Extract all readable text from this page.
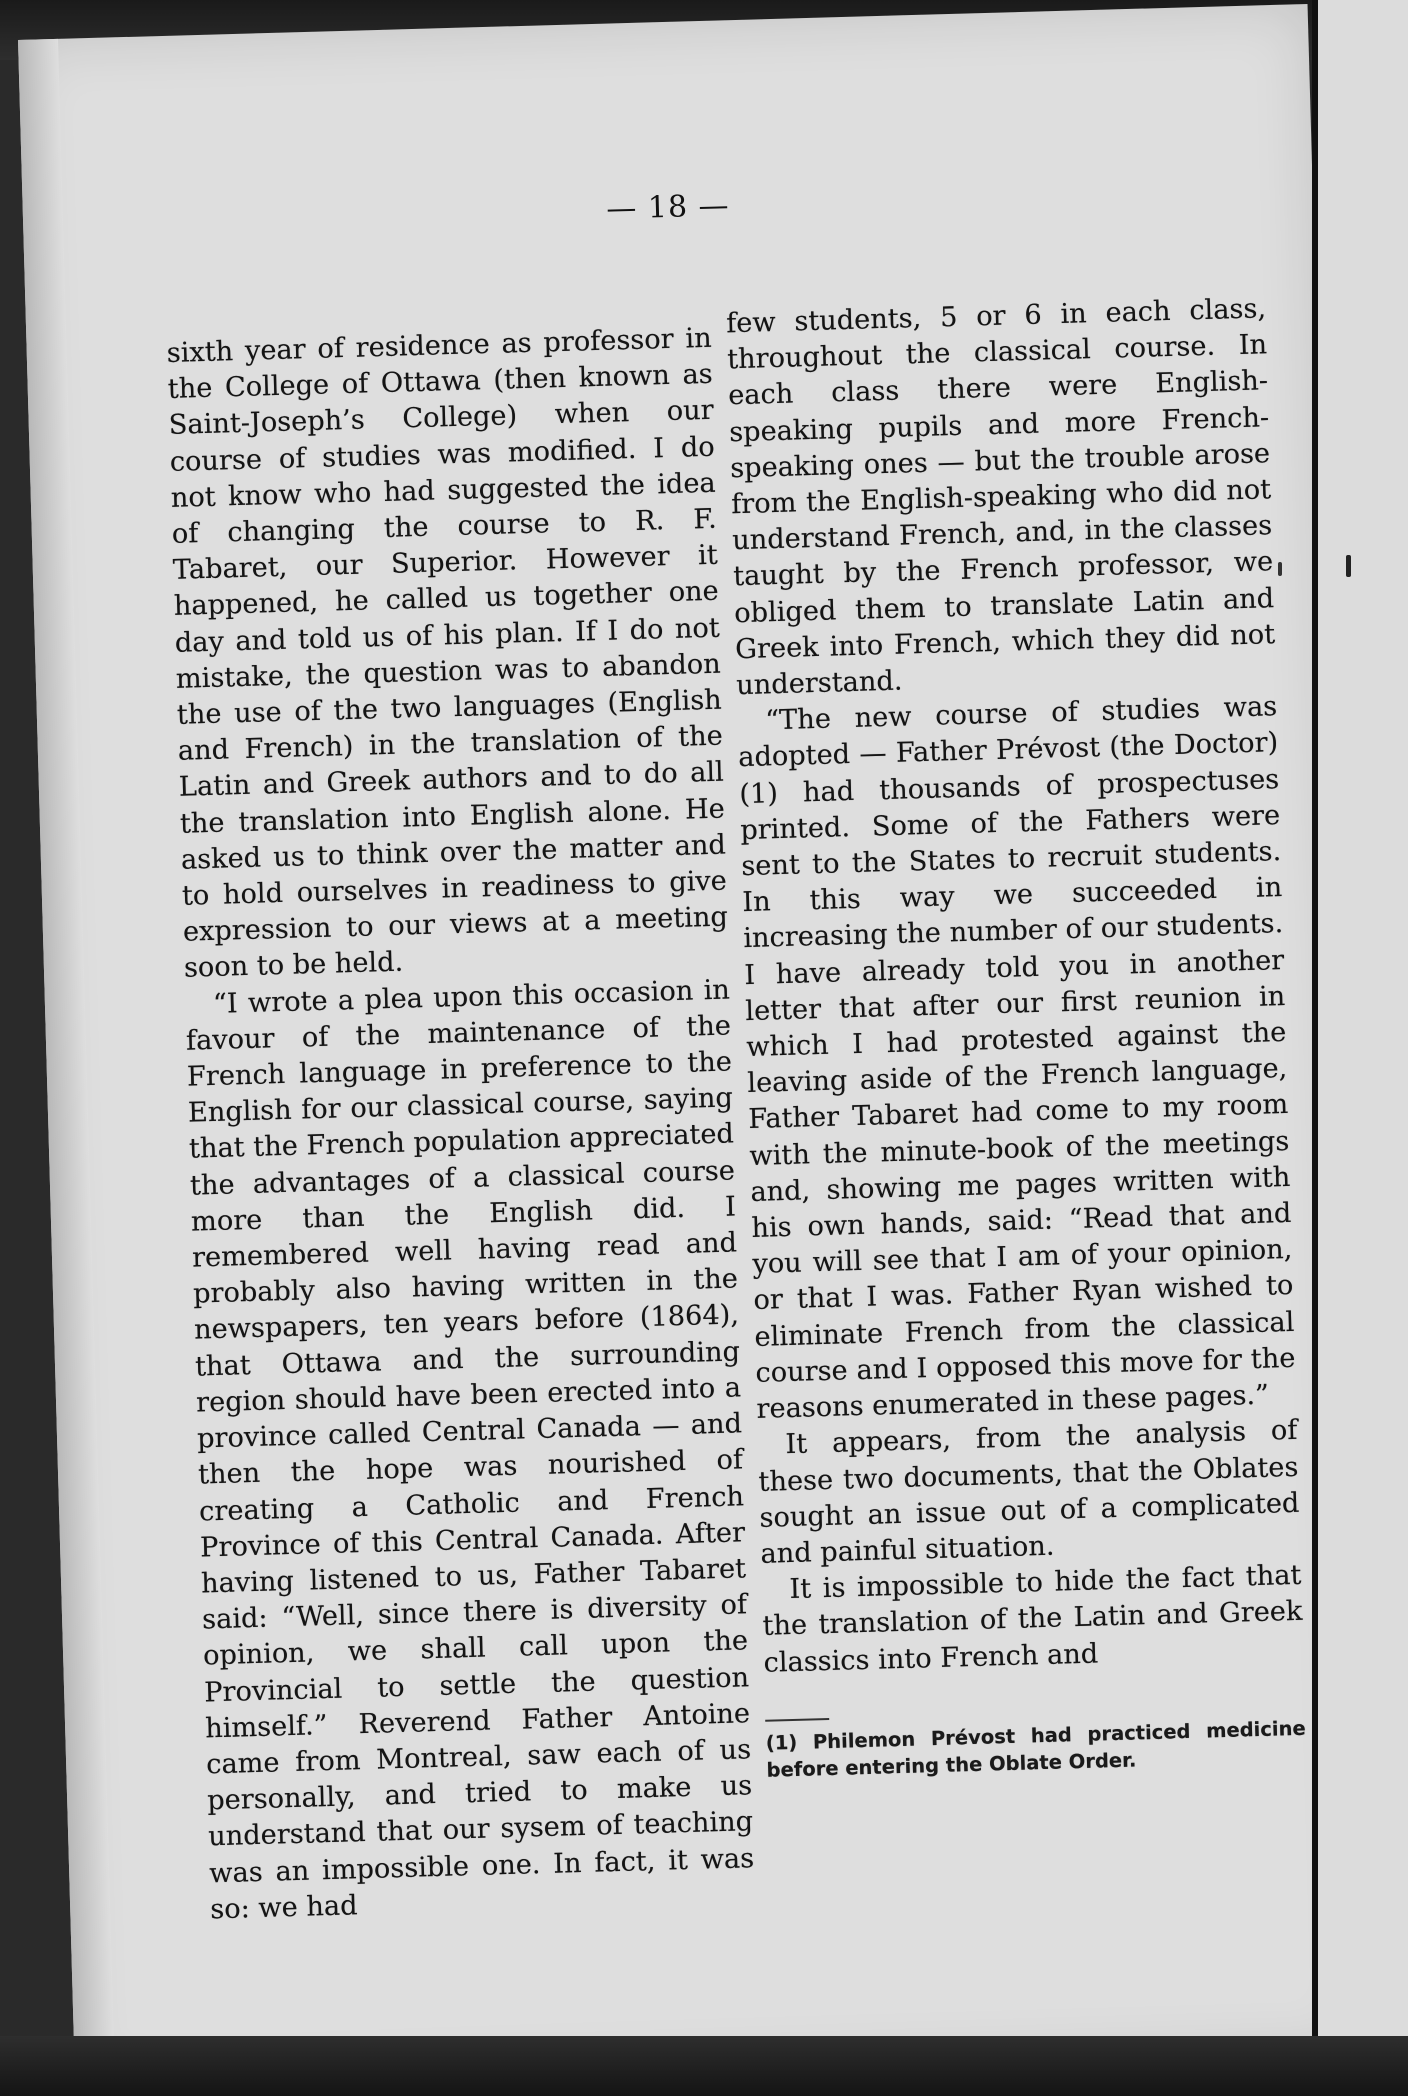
— 18 —

sixth year of residence as professor in the College of Ottawa (then known as Saint-Joseph’s College) when our course of studies was modified. I do not know who had suggested the idea of changing the course to R. F. Tabaret, our Superior. However it happened, he called us together one day and told us of his plan. If I do not mistake, the question was to abandon the use of the two languages (English and French) in the translation of the Latin and Greek authors and to do all the translation into English alone. He asked us to think over the matter and to hold ourselves in readiness to give expression to our views at a meeting soon to be held.

“I wrote a plea upon this occasion in favour of the maintenance of the French language in preference to the English for our classical course, saying that the French population appreciated the advantages of a classical course more than the English did. I remembered well having read and probably also having written in the newspapers, ten years before (1864), that Ottawa and the surrounding region should have been erected into a province called Central Canada — and then the hope was nourished of creating a Catholic and French Province of this Central Canada. After having listened to us, Father Tabaret said: “Well, since there is diversity of opinion, we shall call upon the Provincial to settle the question himself.” Reverend Father Antoine came from Montreal, saw each of us personally, and tried to make us understand that our sysem of teaching was an impossible one. In fact, it was so: we had

few students, 5 or 6 in each class, throughout the classical course. In each class there were English-speaking pupils and more French-speaking ones — but the trouble arose from the English-speaking who did not understand French, and, in the classes taught by the French professor, we obliged them to translate Latin and Greek into French, which they did not understand.

“The new course of studies was adopted — Father Prévost (the Doctor) (1) had thousands of prospectuses printed. Some of the Fathers were sent to the States to recruit students. In this way we succeeded in increasing the number of our students. I have already told you in another letter that after our first reunion in which I had protested against the leaving aside of the French language, Father Tabaret had come to my room with the minute-book of the meetings and, showing me pages written with his own hands, said: “Read that and you will see that I am of your opinion, or that I was. Father Ryan wished to eliminate French from the classical course and I opposed this move for the reasons enumerated in these pages.”

It appears, from the analysis of these two documents, that the Oblates sought an issue out of a complicated and painful situation.

It is impossible to hide the fact that the translation of the Latin and Greek classics into French and

(1) Philemon Prévost had practiced medicine before entering the Oblate Order.
